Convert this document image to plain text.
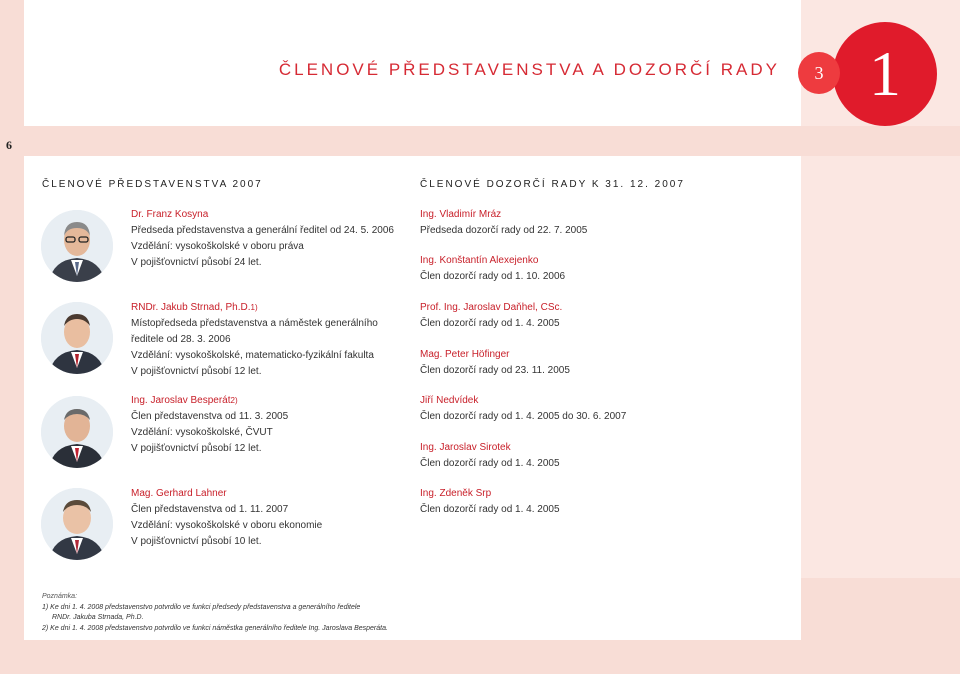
ČLENOVÉ PŘEDSTAVENSTVA A DOZORČÍ RADY	1
3
6
ČLENOVÉ PŘEDSTAVENSTVA 2007	ČLENOVÉ DOZORČÍ RADY K 31. 12. 2007
Dr. Franz Kosyna
Předseda představenstva a generální ředitel od 24. 5. 2006
Vzdělání: vysokoškolské v oboru práva
V pojišťovnictví působí 24 let.
RNDr. Jakub Strnad, Ph.D.1)
Místopředseda představenstva a náměstek generálního
ředitele od 28. 3. 2006
Vzdělání: vysokoškolské, matematicko-fyzikální fakulta
V pojišťovnictví působí 12 let.
Ing. Jaroslav Besperát2)
Člen představenstva od 11. 3. 2005
Vzdělání: vysokoškolské, ČVUT
V pojišťovnictví působí 12 let.
Mag. Gerhard Lahner
Člen představenstva od 1. 11. 2007
Vzdělání: vysokoškolské v oboru ekonomie
V pojišťovnictví působí 10 let.
Ing. Vladimír Mráz
Předseda dozorčí rady od 22. 7. 2005
Ing. Konštantín Alexejenko
Člen dozorčí rady od 1. 10. 2006
Prof. Ing. Jaroslav Daňhel, CSc.
Člen dozorčí rady od 1. 4. 2005
Mag. Peter Höfinger
Člen dozorčí rady od 23. 11. 2005
Jiří Nedvídek
Člen dozorčí rady od 1. 4. 2005 do 30. 6. 2007
Ing. Jaroslav Sirotek
Člen dozorčí rady od 1. 4. 2005
Ing. Zdeněk Srp
Člen dozorčí rady od 1. 4. 2005
Poznámka:
1) Ke dni 1. 4. 2008 představenstvo potvrdilo ve funkci předsedy představenstva a generálního ředitele
RNDr. Jakuba Strnada, Ph.D.
2) Ke dni 1. 4. 2008 představenstvo potvrdilo ve funkci náměstka generálního ředitele Ing. Jaroslava Besperáta.
